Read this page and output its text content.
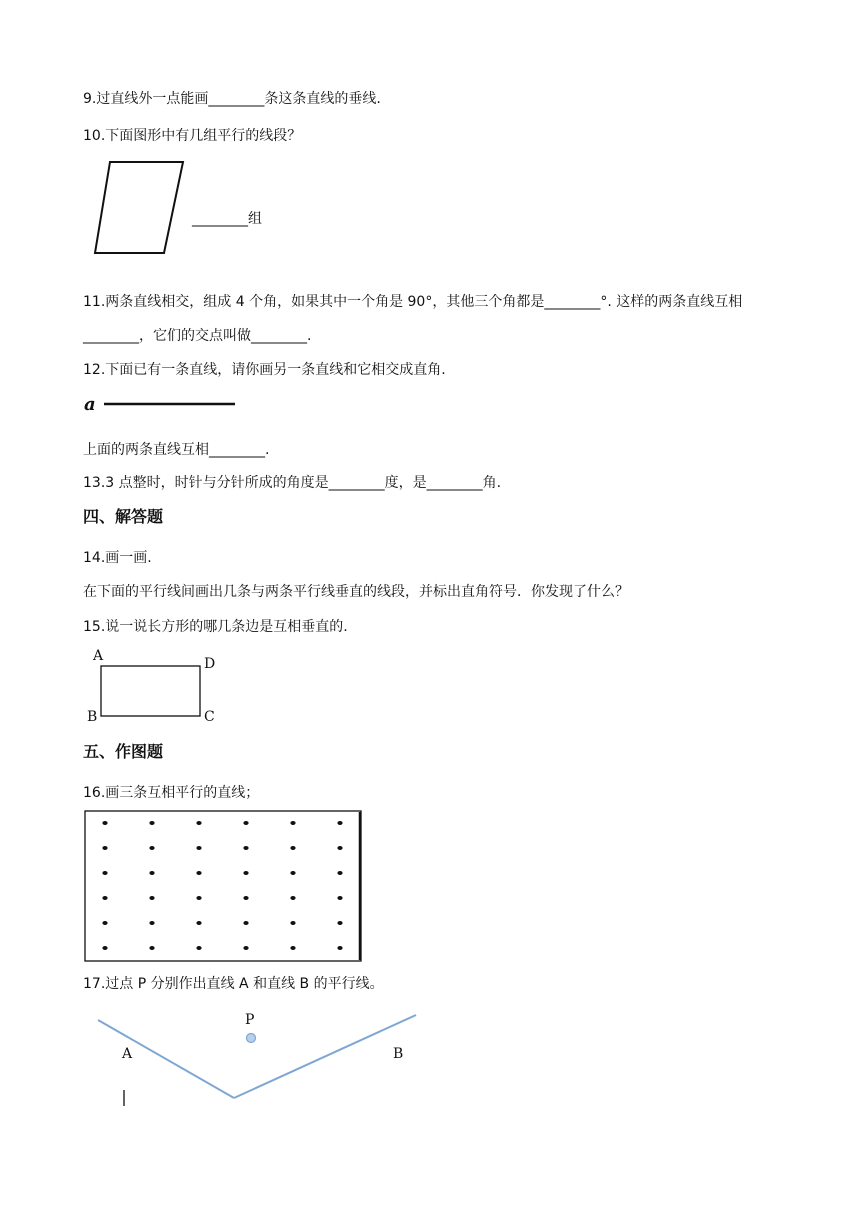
9.过直线外一点能画________条这条直线的垂线.
10.下面图形中有几组平行的线段？
________组
11.两条直线相交，组成 4 个角，如果其中一个角是 90°，其他三个角都是________°. 这样的两条直线互相
________，它们的交点叫做________.
12.下面已有一条直线，请你画另一条直线和它相交成直角.
a
上面的两条直线互相________.
13.3 点整时，时针与分针所成的角度是________度，是________角.
四、解答题
14.画一画.
在下面的平行线间画出几条与两条平行线垂直的线段，并标出直角符号．你发现了什么？
15.说一说长方形的哪几条边是互相垂直的.
A	D
B	C
五、作图题
16.画三条互相平行的直线；
17.过点 P 分别作出直线 A 和直线 B 的平行线。
P
A	B
